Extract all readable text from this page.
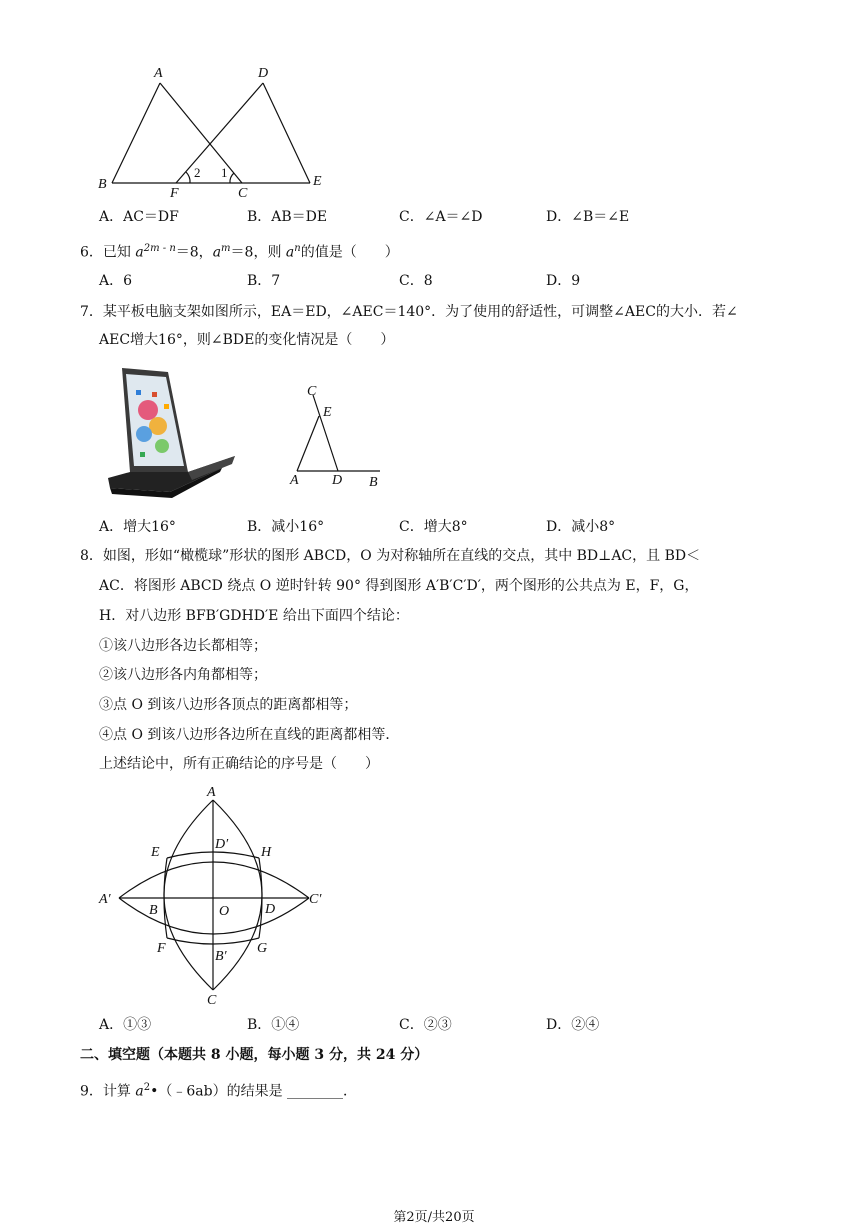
A	D
B
F	C
E
2 1
A．AC＝DF	B．AB＝DE	C．∠A＝∠D	D．∠B＝∠E
6．已知 $a^{2m - n}=8$，$a^m=8$，则 $a^n$的值是（　　）
A．6	B．7	C．8	D．9
7．某平板电脑支架如图所示，EA＝ED，∠AEC＝140°．为了使用的舒适性，可调整∠AEC的大小．若∠
AEC增大16°，则∠BDE的变化情况是（　　）
C
E
A D B
A．增大16°	B．减小16°	C．增大8°	D．减小8°
8．如图，形如“橄榄球”形状的图形 ABCD，O 为对称轴所在直线的交点，其中 BD⊥AC，且 BD＜
AC．将图形 ABCD 绕点 O 逆时针转 90° 得到图形 A′B′C′D′，两个图形的公共点为 E，F，G，
H．对八边形 BFB′GDHD′E 给出下面四个结论：
①该八边形各边长都相等；
②该八边形各内角都相等；
③点 O 到该八边形各顶点的距离都相等；
④点 O 到该八边形各边所在直线的距离都相等．
上述结论中，所有正确结论的序号是（　　）
A
C
A′	C′
D′
B′
E	H
F	G
B	D
O
A．①③	B．①④	C．②③	D．②④
二、填空题（本题共 8 小题，每小题 3 分，共 24 分）
9．计算 $a^2•(﹣6ab)$的结果是 ________．
第2页/共20页
